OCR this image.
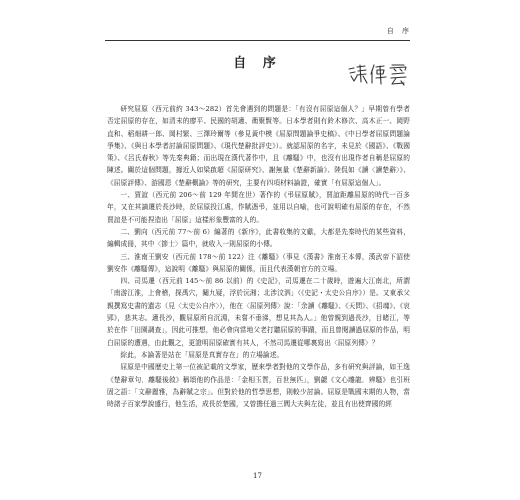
自 序
自 序

研究屈原（西元前約 343～282）首先會遇到的問題是：「有沒有屈原這個人？」早期曾有學者否定屈原的存在，如清末的廖平、民國的胡適、衛聚賢等。日本學者則有鈴木修次、高木正一、岡野直和、稻畑耕一郎、岡村繁、三澤玲爾等（參見黃中模《屈原問題論爭史稿》、《中日學者屈原問題論爭集》、《與日本學者討論屈原問題》、《現代楚辭批評史》）。就認屈原的名字，未見於《國語》、《戰國策》、《呂氏春秋》等先秦典籍；而出現在漢代著作中，且《離騷》中，也沒有出現作者自稱是屈原的陳述。關於這個問題，據近人如梁啟超《屈原研究》、謝無量《楚辭新論》、陸侃如《讀〈讀楚辭〉》、《屈原評傳》、游國恩《楚辭概論》等的研究，主要有四項材料論證，確實「有屈原這個人」。

一、賈誼（西元前 206～前 129 年間在世）著作的《弔屈原賦》，賈誼距離屈原的時代一百多年，又在其謫遷於長沙時，於屈原投江處，作賦憑弔，並用以自喻，也可說明確有屈原的存在，不然賈誼是不可能捏造出「屈原」這樣形象豐富的人的。

二、劉向（西元前 77～前 6）編著的《新序》，此書收集的文獻，大都是先秦時代的某些資料，編輯成冊，其中〈節士〉篇中，就收入一則屈原的小傳。

三、淮南王劉安（西元前 178～前 122）注《離騷》（事見《漢書》淮南王本傳，漢武帝下詔使劉安作《離騷傳》，這說明《離騷》與屈原的關係，而且代表漢朝官方的立場。

四、司馬遷（西元前 145～前 86 以前）的《史記》，司馬遷在二十歲時，遊遍大江南北，所謂「南游江淮，上會稽，探禹穴，闚九疑，浮於沅湘；北涉汶泗」（《史記・太史公自序》）是。又東承父親撰寫史書的遺志（見〈太史公自序〉），他在〈屈原列傳〉說：「余讀《離騷》、《天問》、《招魂》、《哀郢》，悲其志。適長沙，觀屈原所自沉淵，未嘗不垂涕，想見其為人。」他曾親到過長沙，目睹江，等於在作「田園調查」，因此可推想，他必會向當地父老打聽屈原的事蹟，而且曾閱讀過屈原的作品，明白屈原的遭遇，由此觀之，更證明屈原確實有其人，不然司馬遷從哪裏寫出〈屈原列傳〉？

綜此，本論著是站在「屈原是真實存在」的立場論述。

屈原是中國歷史上第一位被記載的文學家，歷來學者對他的文學作品，多有研究與評論，如王逸《楚辭章句．離騷後敘》稱頌他的作品是：「金相玉質，百世無匹」，劉勰《文心雕龍．辨騷》也引班固之語：「文辭麗雅，為辭賦之宗」。但對於他的哲學思想，則較少討論。屈原是戰國末期的人物，當時諸子百家學說盛行，他生活，成長於楚國，又曾擔任過三閭大夫與左徒，並且有出使齊國的經

17
